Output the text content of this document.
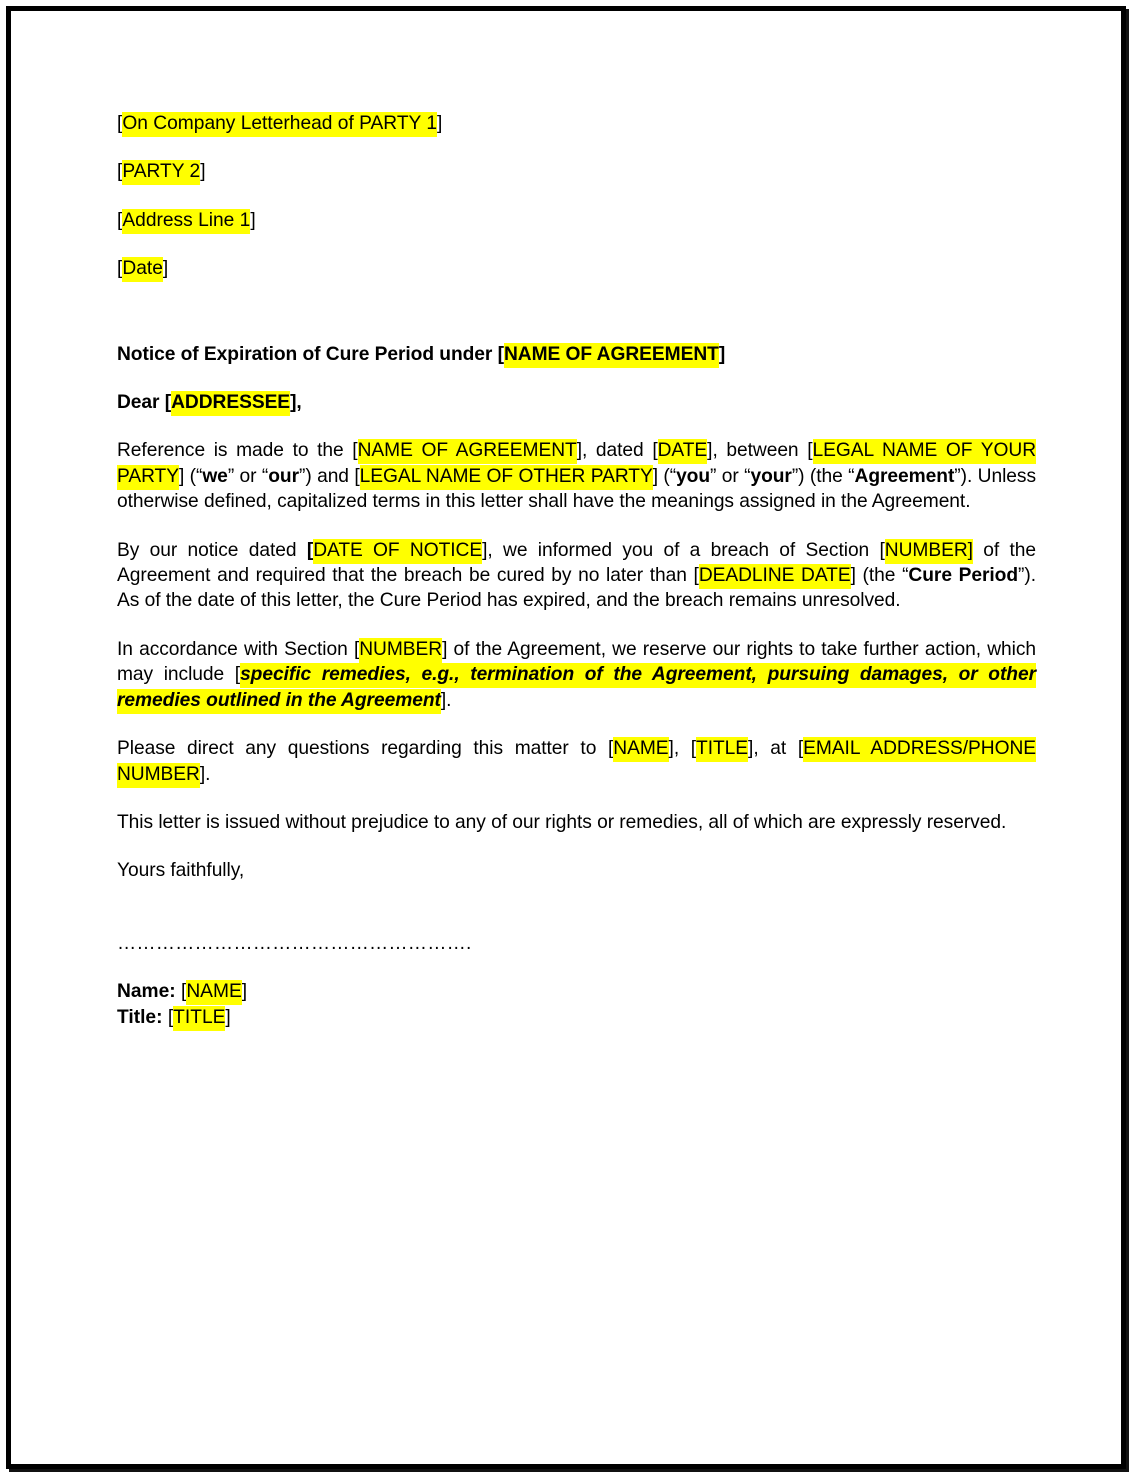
[On Company Letterhead of PARTY 1
]
[PARTY 2
]
[Address Line 1
]
[Date
]
Notice of Expiration of Cure Period under [NAME OF AGREEMENT]
Dear [ADDRESSEE],
Reference is made to the [NAME OF AGREEMENT], dated [DATE], between [LEGAL NAME OF YOUR PARTY] (“we” or “our”) and [LEGAL NAME OF OTHER PARTY] (“you” or “your”) (the “Agreement”). Unless otherwise defined, capitalized terms in this letter shall have the meanings assigned in the Agreement.
By our notice dated [DATE OF NOTICE], we informed you of a breach of Section [NUMBER] of the Agreement and required that the breach be cured by no later than [DEADLINE DATE] (the “Cure Period”). As of the date of this letter, the Cure Period has expired, and the breach remains unresolved.
In accordance with Section [NUMBER] of the Agreement, we reserve our rights to take further action, which may include [specific remedies, e.g., termination of the Agreement, pursuing damages, or other remedies outlined in the Agreement].
Please direct any questions regarding this matter to [NAME], [TITLE], at [EMAIL ADDRESS/PHONE NUMBER].
This letter is issued without prejudice to any of our rights or remedies, all of which are expressly reserved.
Yours faithfully,
……………………………………………….
Name: [NAME
]
Title: [TITLE
]
